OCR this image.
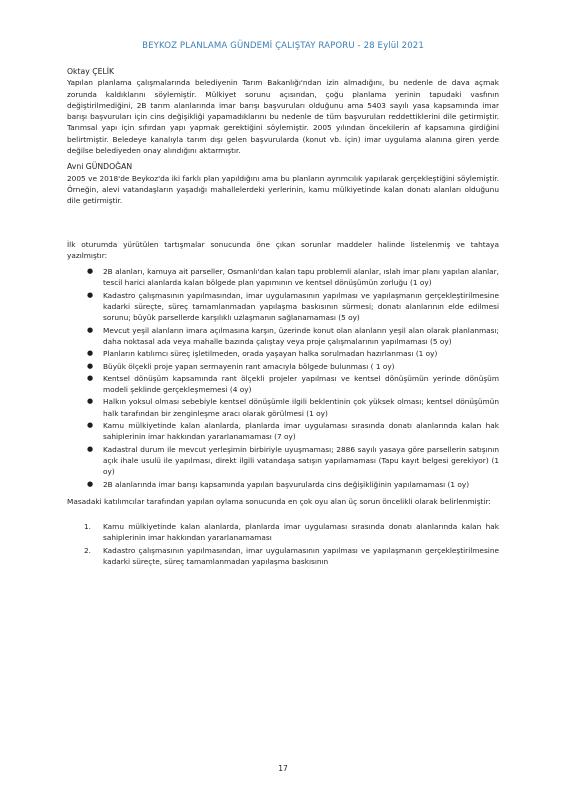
BEYKOZ PLANLAMA GÜNDEMİ ÇALIŞTAY RAPORU - 28 Eylül 2021

Oktay ÇELİK

Yapılan planlama çalışmalarında belediyenin Tarım Bakanlığı'ndan izin almadığını, bu nedenle de dava açmak zorunda kaldıklarını söylemiştir. Mülkiyet sorunu açısından, çoğu planlama yerinin tapudaki vasfının değiştirilmediğini, 2B tarım alanlarında imar barışı başvuruları olduğunu ama 5403 sayılı yasa kapsamında imar barışı başvuruları için cins değişikliği yapamadıklarını bu nedenle de tüm başvuruları reddettiklerini dile getirmiştir. Tarımsal yapı için sıfırdan yapı yapmak gerektiğini söylemiştir. 2005 yılından öncekilerin af kapsamına girdiğini belirtmiştir. Beledeye kanalıyla tarım dışı gelen başvurularda (konut vb. için) imar uygulama alanına giren yerde değilse belediyeden onay alındığını aktarmıştır.

Avni GÜNDOĞAN

2005 ve 2018'de Beykoz'da iki farklı plan yapıldığını ama bu planların ayrımcılık yapılarak gerçekleştiğini söylemiştir. Örneğin, alevi vatandaşların yaşadığı mahallelerdeki yerlerinin, kamu mülkiyetinde kalan donatı alanları olduğunu dile getirmiştir.

İlk oturumda yürütülen tartışmalar sonucunda öne çıkan sorunlar maddeler halinde listelenmiş ve tahtaya yazılmıştır:

● 2B alanları, kamuya ait parseller, Osmanlı'dan kalan tapu problemli alanlar, ıslah imar planı yapılan alanlar, tescil harici alanlarda kalan bölgede plan yapımının ve kentsel dönüşümün zorluğu (1 oy)
● Kadastro çalışmasının yapılmasından, imar uygulamasının yapılması ve yapılaşmanın gerçekleştirilmesine kadarki süreçte, süreç tamamlanmadan yapılaşma baskısının sürmesi; donatı alanlarının elde edilmesi sorunu; büyük parsellerde karşılıklı uzlaşmanın sağlanamaması (5 oy)
● Mevcut yeşil alanların imara açılmasına karşın, üzerinde konut olan alanların yeşil alan olarak planlanması; daha noktasal ada veya mahalle bazında çalıştay veya proje çalışmalarının yapılmaması (5 oy)
● Planların katılımcı süreç işletilmeden, orada yaşayan halka sorulmadan hazırlanması (1 oy)
● Büyük ölçekli proje yapan sermayenin rant amacıyla bölgede bulunması ( 1 oy)
● Kentsel dönüşüm kapsamında rant ölçekli projeler yapılması ve kentsel dönüşümün yerinde dönüşüm modeli şeklinde gerçekleşmemesi (4 oy)
● Halkın yoksul olması sebebiyle kentsel dönüşümle ilgili beklentinin çok yüksek olması; kentsel dönüşümün halk tarafından bir zenginleşme aracı olarak görülmesi (1 oy)
● Kamu mülkiyetinde kalan alanlarda, planlarda imar uygulaması sırasında donatı alanlarında kalan hak sahiplerinin imar hakkından yararlanamaması (7 oy)
● Kadastral durum ile mevcut yerleşimin birbiriyle uyuşmaması; 2886 sayılı yasaya göre parsellerin satışının açık ihale usulü ile yapılması, direkt ilgili vatandaşa satışın yapılamaması (Tapu kayıt belgesi gerekiyor) (1 oy)
● 2B alanlarında imar barışı kapsamında yapılan başvurularda cins değişikliğinin yapılamaması (1 oy)

Masadaki katılımcılar tarafından yapılan oylama sonucunda en çok oyu alan üç sorun öncelikli olarak belirlenmiştir:

1. Kamu mülkiyetinde kalan alanlarda, planlarda imar uygulaması sırasında donatı alanlarında kalan hak sahiplerinin imar hakkından yararlanamaması
2. Kadastro çalışmasının yapılmasından, imar uygulamasının yapılması ve yapılaşmanın gerçekleştirilmesine kadarki süreçte, süreç tamamlanmadan yapılaşma baskısının
17
